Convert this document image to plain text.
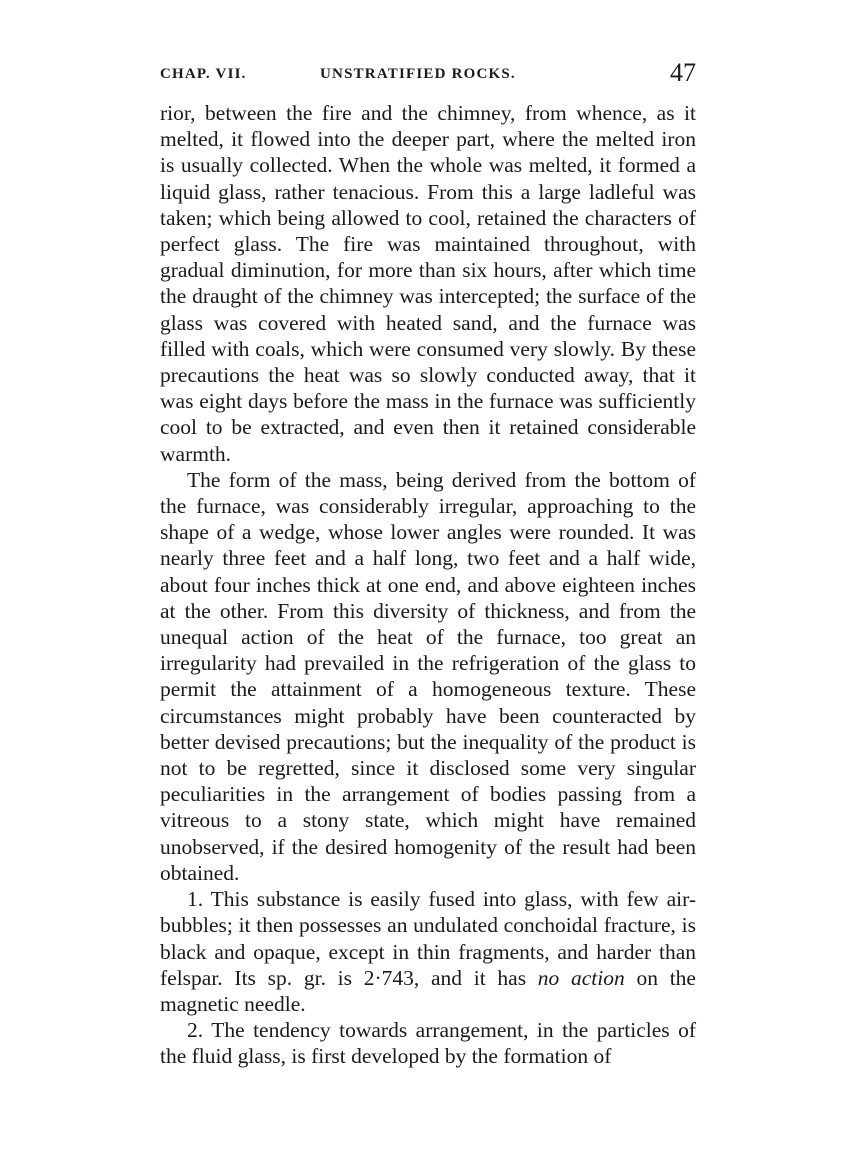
CHAP. VII.	UNSTRATIFIED ROCKS.	47

rior, between the fire and the chimney, from whence, as it melted, it flowed into the deeper part, where the melted iron is usually collected. When the whole was melted, it formed a liquid glass, rather tenacious. From this a large ladleful was taken; which being allowed to cool, retained the characters of perfect glass. The fire was maintained throughout, with gradual diminution, for more than six hours, after which time the draught of the chimney was intercepted; the surface of the glass was covered with heated sand, and the furnace was filled with coals, which were consumed very slowly. By these precautions the heat was so slowly conducted away, that it was eight days before the mass in the furnace was sufficiently cool to be extracted, and even then it retained considerable warmth.

The form of the mass, being derived from the bottom of the furnace, was considerably irregular, approaching to the shape of a wedge, whose lower angles were rounded. It was nearly three feet and a half long, two feet and a half wide, about four inches thick at one end, and above eighteen inches at the other. From this diversity of thickness, and from the unequal action of the heat of the furnace, too great an irregularity had prevailed in the refrigeration of the glass to permit the attainment of a homogeneous texture. These circumstances might probably have been counteracted by better devised precautions; but the inequality of the product is not to be regretted, since it disclosed some very singular peculiarities in the arrangement of bodies passing from a vitreous to a stony state, which might have remained unobserved, if the desired homogenity of the result had been obtained.

1. This substance is easily fused into glass, with few air-bubbles; it then possesses an undulated conchoidal fracture, is black and opaque, except in thin fragments, and harder than felspar. Its sp. gr. is 2·743, and it has no action on the magnetic needle.

2. The tendency towards arrangement, in the particles of the fluid glass, is first developed by the formation of
